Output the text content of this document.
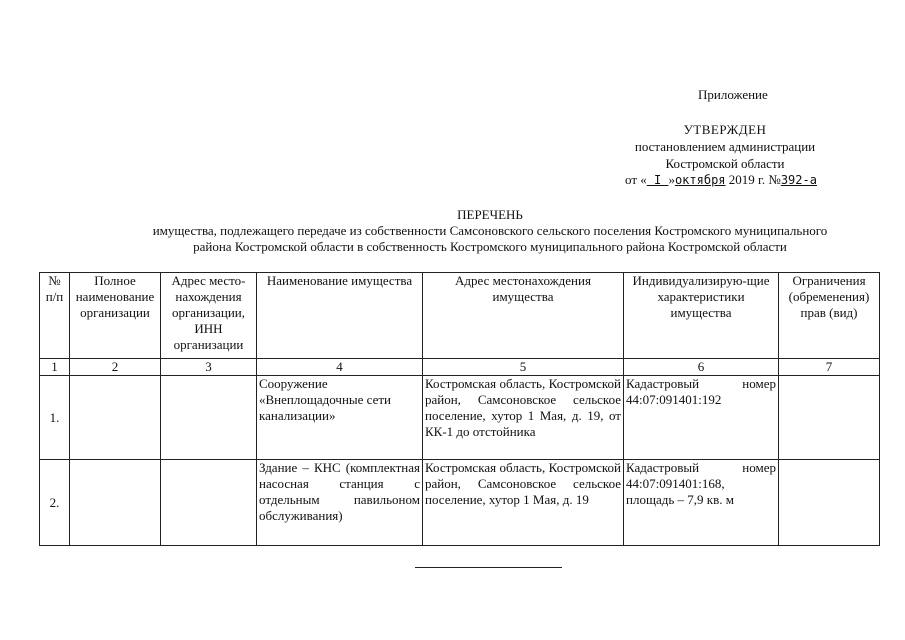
Приложение
УТВЕРЖДЕН
постановлением администрации
Костромской области
от « I »октября 2019 г. №392-а
ПЕРЕЧЕНЬ
имущества, подлежащего передаче из собственности Самсоновского сельского поселения Костромского муниципального района Костромской области в собственность Костромского муниципального района Костромской области
№ п/п	Полное наименование организации	Адрес место-нахождения организации, ИНН организации	Наименование имущества	Адрес местонахождения имущества	Индивидуализирую-щие характеристики имущества	Ограничения (обременения) прав (вид)
1	2	3	4	5	6	7
1.			Сооружение «Внеплощадочные сети канализации»	Костромская область, Костромской район, Самсоновское сельское поселение, хутор 1 Мая, д. 19, от КК-1 до отстойника	Кадастровый номер 44:07:091401:192	
2.			Здание – КНС (комплектная насосная станция с отдельным павильоном обслуживания)	Костромская область, Костромской район, Самсоновское сельское поселение, хутор 1 Мая, д. 19	Кадастровый номер 44:07:091401:168, площадь – 7,9 кв. м	
